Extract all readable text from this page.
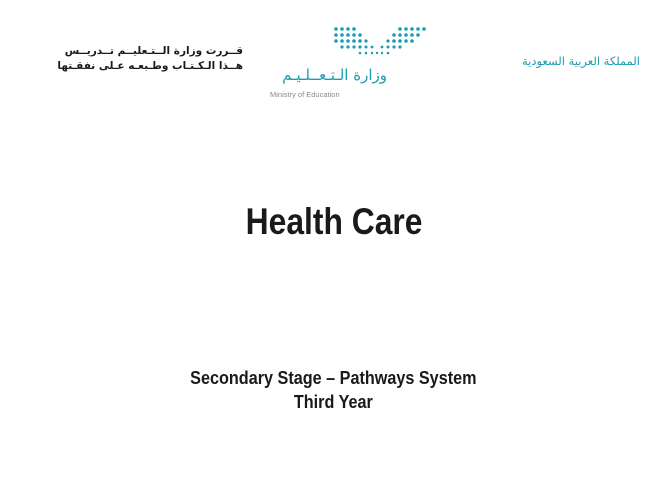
قــررت وزارة الــتـعليــم تــدريــس
هــذا الـكـتـاب وطـبعـه عـلى نفقـتها	وزارة الـتـعــلـيـم
Ministry of Education
المملكة العربية السعودية
Health Care
Secondary Stage – Pathways System
Third Year
